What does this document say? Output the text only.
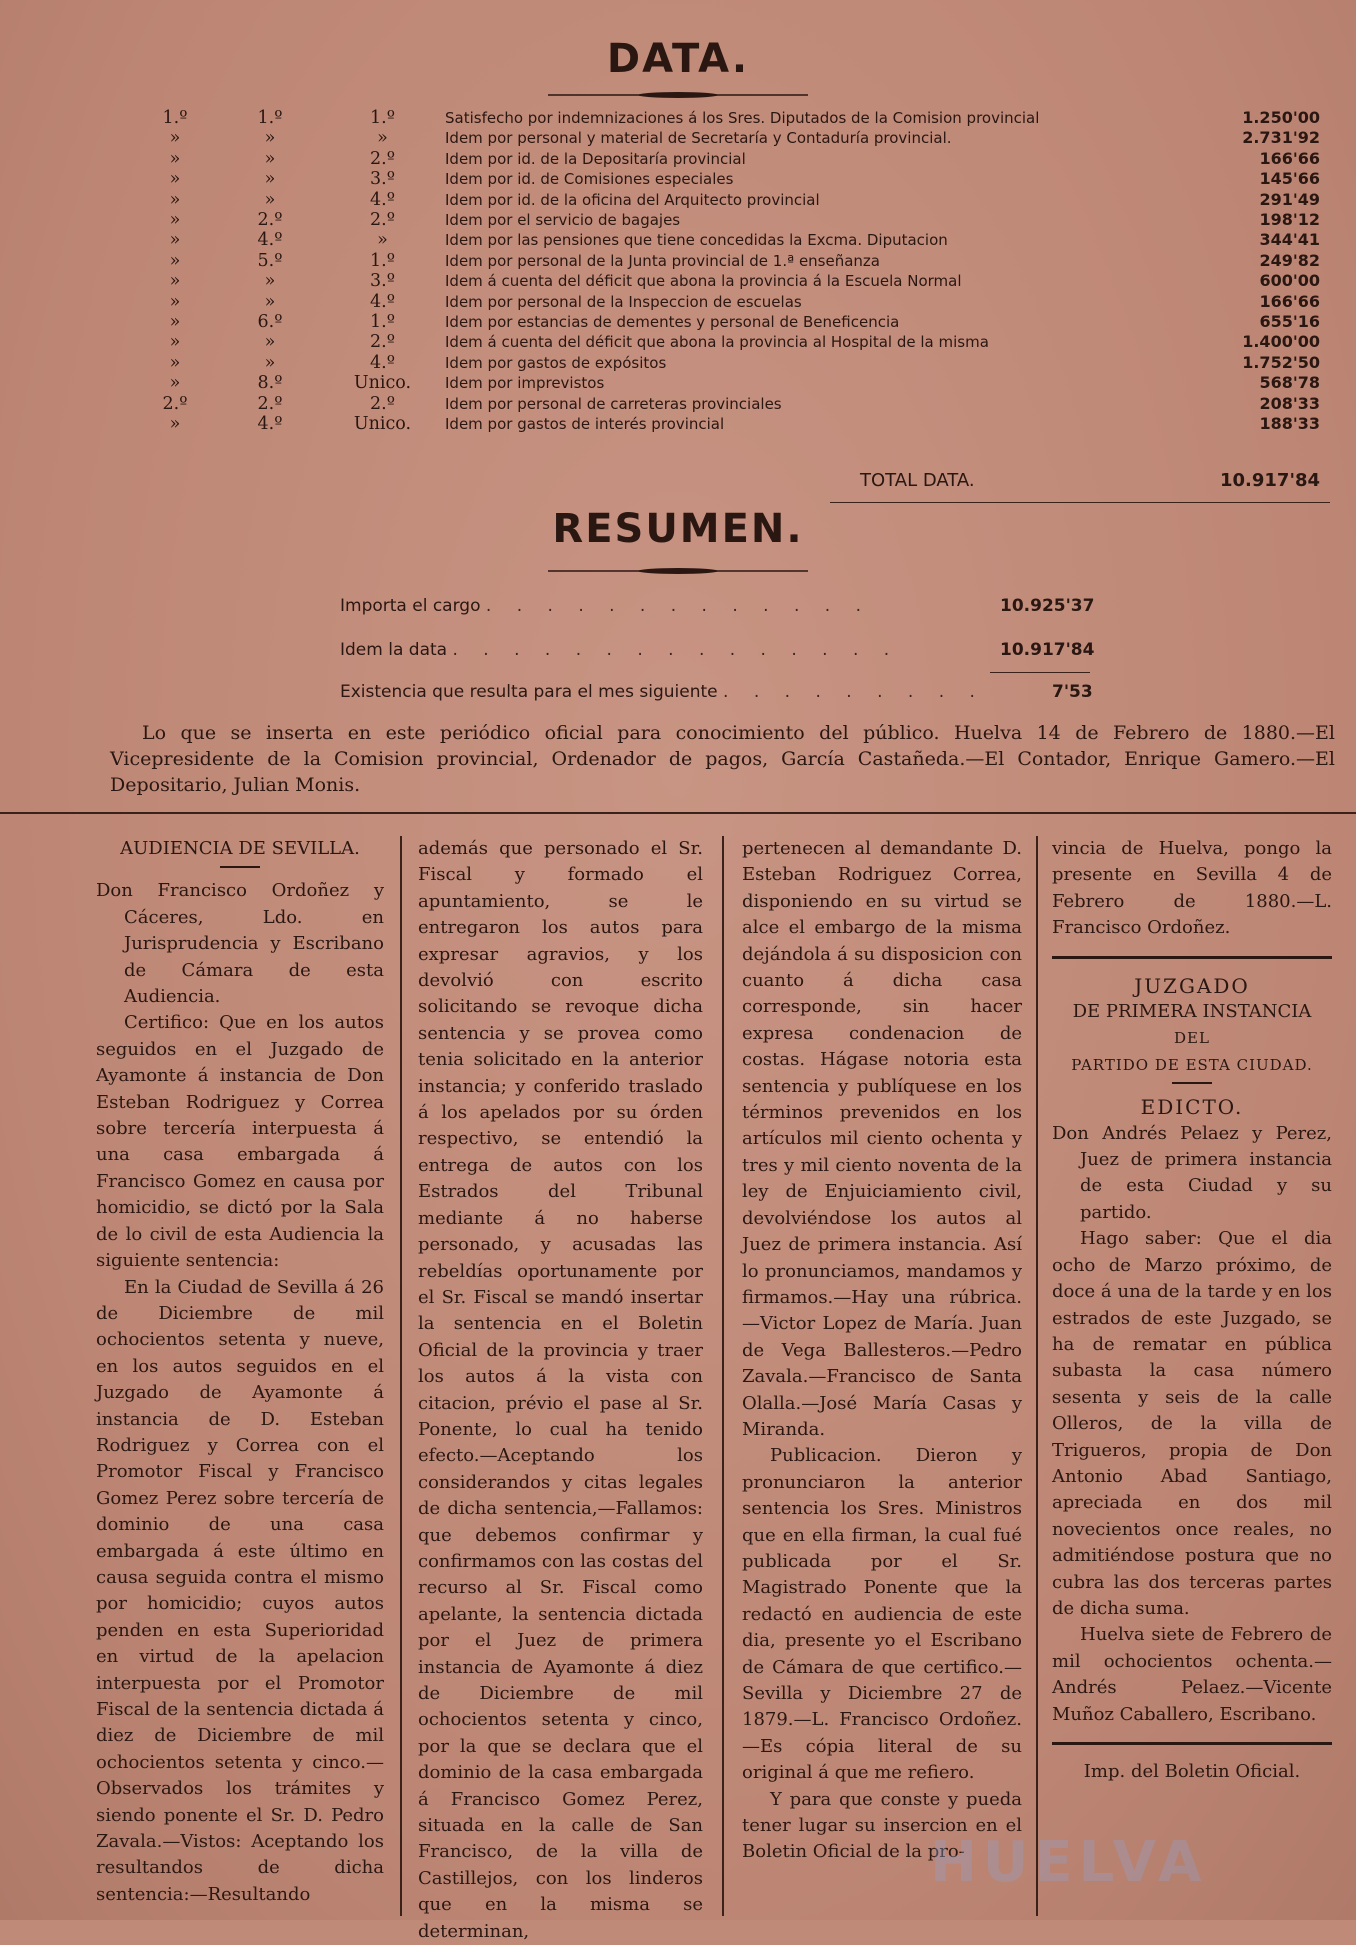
DATA.
1.º	1.º	1.º	Satisfecho por indemnizaciones á los Sres. Diputados de la Comision provincial	1.250'00
»	»	»	Idem por personal y material de Secretaría y Contaduría provincial.	2.731'92
»	»	2.º	Idem por id. de la Depositaría provincial	166'66
»	»	3.º	Idem por id. de Comisiones especiales	145'66
»	»	4.º	Idem por id. de la oficina del Arquitecto provincial	291'49
»	2.º	2.º	Idem por el servicio de bagajes	198'12
»	4.º	»	Idem por las pensiones que tiene concedidas la Excma. Diputacion	344'41
»	5.º	1.º	Idem por personal de la Junta provincial de 1.ª enseñanza	249'82
»	»	3.º	Idem á cuenta del déficit que abona la provincia á la Escuela Normal	600'00
»	»	4.º	Idem por personal de la Inspeccion de escuelas	166'66
»	6.º	1.º	Idem por estancias de dementes y personal de Beneficencia	655'16
»	»	2.º	Idem á cuenta del déficit que abona la provincia al Hospital de la misma	1.400'00
»	»	4.º	Idem por gastos de expósitos	1.752'50
»	8.º	Unico.	Idem por imprevistos	568'78
2.º	2.º	2.º	Idem por personal de carreteras provinciales	208'33
»	4.º	Unico.	Idem por gastos de interés provincial	188'33
TOTAL DATA.	10.917'84
RESUMEN.
Importa el cargo . . . . . . . . . . . . .	10.925'37
Idem la data . . . . . . . . . . . . . . .	10.917'84
Existencia que resulta para el mes siguiente . . . . . . . . .	7'53
Lo que se inserta en este periódico oficial para conocimiento del público. Huelva 14 de Febrero de 1880.—El Vicepresidente de la Comision provincial, Ordenador de pagos, García Castañeda.—El Contador, Enrique Gamero.—El Depositario, Julian Monis.

AUDIENCIA DE SEVILLA.

Don Francisco Ordoñez y Cáceres, Ldo. en Jurisprudencia y Escribano de Cámara de esta Audiencia.

Certifico: Que en los autos seguidos en el Juzgado de Ayamonte á instancia de Don Esteban Rodriguez y Correa sobre tercería interpuesta á una casa embargada á Francisco Gomez en causa por homicidio, se dictó por la Sala de lo civil de esta Audiencia la siguiente sentencia:

En la Ciudad de Sevilla á 26 de Diciembre de mil ochocientos setenta y nueve, en los autos seguidos en el Juzgado de Ayamonte á instancia de D. Esteban Rodriguez y Correa con el Promotor Fiscal y Francisco Gomez Perez sobre tercería de dominio de una casa embargada á este último en causa seguida contra el mismo por homicidio; cuyos autos penden en esta Superioridad en virtud de la apelacion interpuesta por el Promotor Fiscal de la sentencia dictada á diez de Diciembre de mil ochocientos setenta y cinco.—Observados los trámites y siendo ponente el Sr. D. Pedro Zavala.—Vistos: Aceptando los resultandos de dicha sentencia:—Resultando

además que personado el Sr. Fiscal y formado el apuntamiento, se le entregaron los autos para expresar agravios, y los devolvió con escrito solicitando se revoque dicha sentencia y se provea como tenia solicitado en la anterior instancia; y conferido traslado á los apelados por su órden respectivo, se entendió la entrega de autos con los Estrados del Tribunal mediante á no haberse personado, y acusadas las rebeldías oportunamente por el Sr. Fiscal se mandó insertar la sentencia en el Boletin Oficial de la provincia y traer los autos á la vista con citacion, prévio el pase al Sr. Ponente, lo cual ha tenido efecto.—Aceptando los considerandos y citas legales de dicha sentencia,—Fallamos: que debemos confirmar y confirmamos con las costas del recurso al Sr. Fiscal como apelante, la sentencia dictada por el Juez de primera instancia de Ayamonte á diez de Diciembre de mil ochocientos setenta y cinco, por la que se declara que el dominio de la casa embargada á Francisco Gomez Perez, situada en la calle de San Francisco, de la villa de Castillejos, con los linderos que en la misma se determinan,

pertenecen al demandante D. Esteban Rodriguez Correa, disponiendo en su virtud se alce el embargo de la misma dejándola á su disposicion con cuanto á dicha casa corresponde, sin hacer expresa condenacion de costas. Hágase notoria esta sentencia y publíquese en los términos prevenidos en los artículos mil ciento ochenta y tres y mil ciento noventa de la ley de Enjuiciamiento civil, devolviéndose los autos al Juez de primera instancia. Así lo pronunciamos, mandamos y firmamos.—Hay una rúbrica.—Victor Lopez de María. Juan de Vega Ballesteros.—Pedro Zavala.—Francisco de Santa Olalla.—José María Casas y Miranda.

Publicacion. Dieron y pronunciaron la anterior sentencia los Sres. Ministros que en ella firman, la cual fué publicada por el Sr. Magistrado Ponente que la redactó en audiencia de este dia, presente yo el Escribano de Cámara de que certifico.—Sevilla y Diciembre 27 de 1879.—L. Francisco Ordoñez.—Es cópia literal de su original á que me refiero.

Y para que conste y pueda tener lugar su insercion en el Boletin Oficial de la pro-

vincia de Huelva, pongo la presente en Sevilla 4 de Febrero de 1880.—L. Francisco Ordoñez.

JUZGADO

DE PRIMERA INSTANCIA

DEL

PARTIDO DE ESTA CIUDAD.

EDICTO.

Don Andrés Pelaez y Perez, Juez de primera instancia de esta Ciudad y su partido.

Hago saber: Que el dia ocho de Marzo próximo, de doce á una de la tarde y en los estrados de este Juzgado, se ha de rematar en pública subasta la casa número sesenta y seis de la calle Olleros, de la villa de Trigueros, propia de Don Antonio Abad Santiago, apreciada en dos mil novecientos once reales, no admitiéndose postura que no cubra las dos terceras partes de dicha suma.

Huelva siete de Febrero de mil ochocientos ochenta.—Andrés Pelaez.—Vicente Muñoz Caballero, Escribano.

Imp. del Boletin Oficial.

HUELVA
